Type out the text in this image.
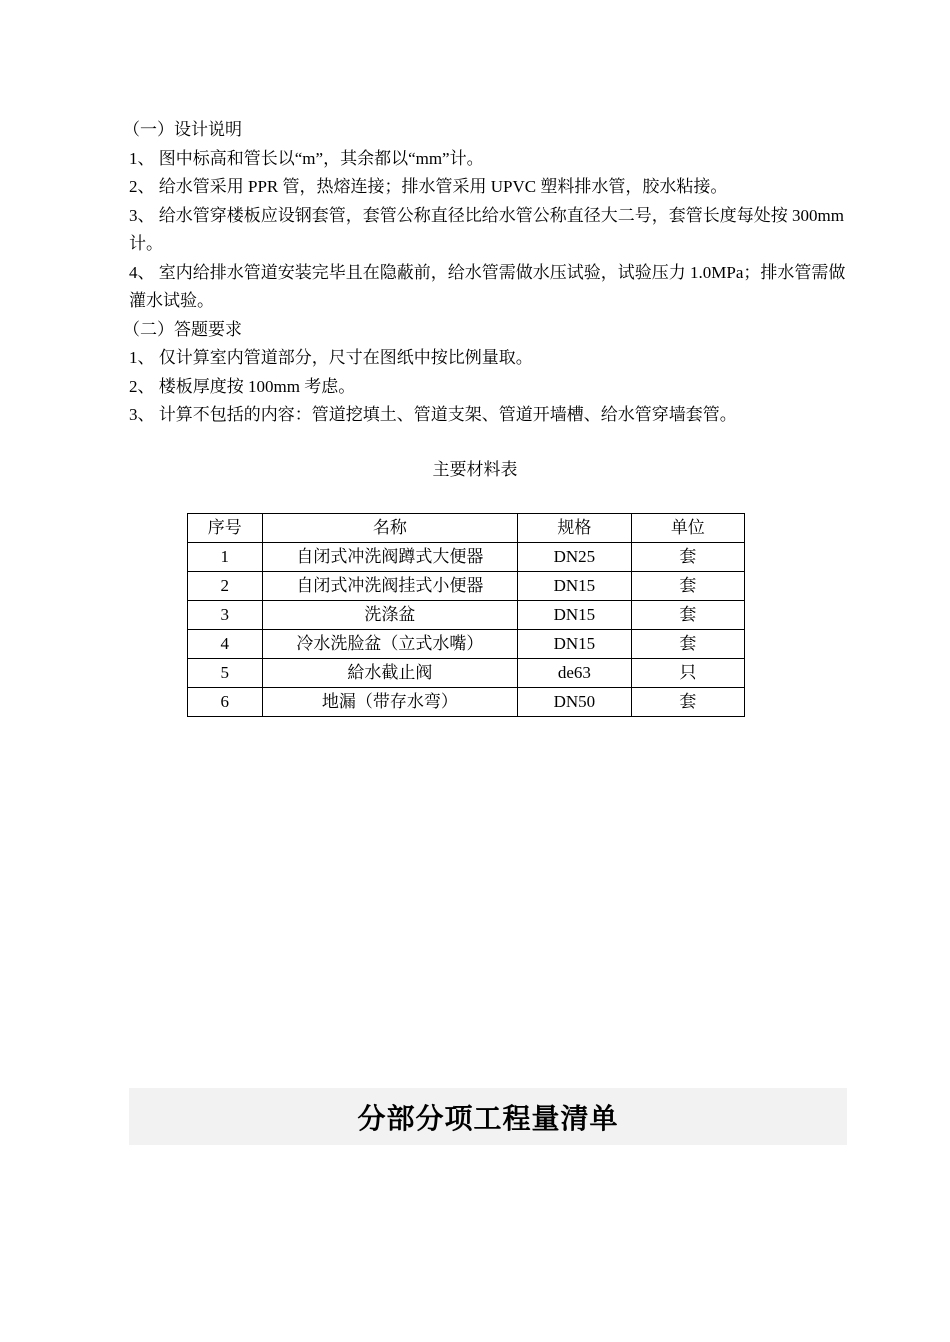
（一）设计说明

1、 图中标高和管长以“m”，其余都以“mm”计。

2、 给水管采用 PPR 管，热熔连接；排水管采用 UPVC 塑料排水管，胶水粘接。

3、 给水管穿楼板应设钢套管，套管公称直径比给水管公称直径大二号，套管长度每处按 300mm 计。

4、 室内给排水管道安装完毕且在隐蔽前，给水管需做水压试验，试验压力 1.0MPa；排水管需做灌水试验。

（二）答题要求

1、 仅计算室内管道部分，尺寸在图纸中按比例量取。

2、 楼板厚度按 100mm 考虑。

3、 计算不包括的内容：管道挖填土、管道支架、管道开墙槽、给水管穿墙套管。

主要材料表
序号	名称	规格	单位
1	自闭式冲洗阀蹲式大便器	DN25	套
2	自闭式冲洗阀挂式小便器	DN15	套
3	洗涤盆	DN15	套
4	冷水洗脸盆（立式水嘴）	DN15	套
5	給水截止阀	de63	只
6	地漏（带存水弯）	DN50	套
分部分项工程量清单
